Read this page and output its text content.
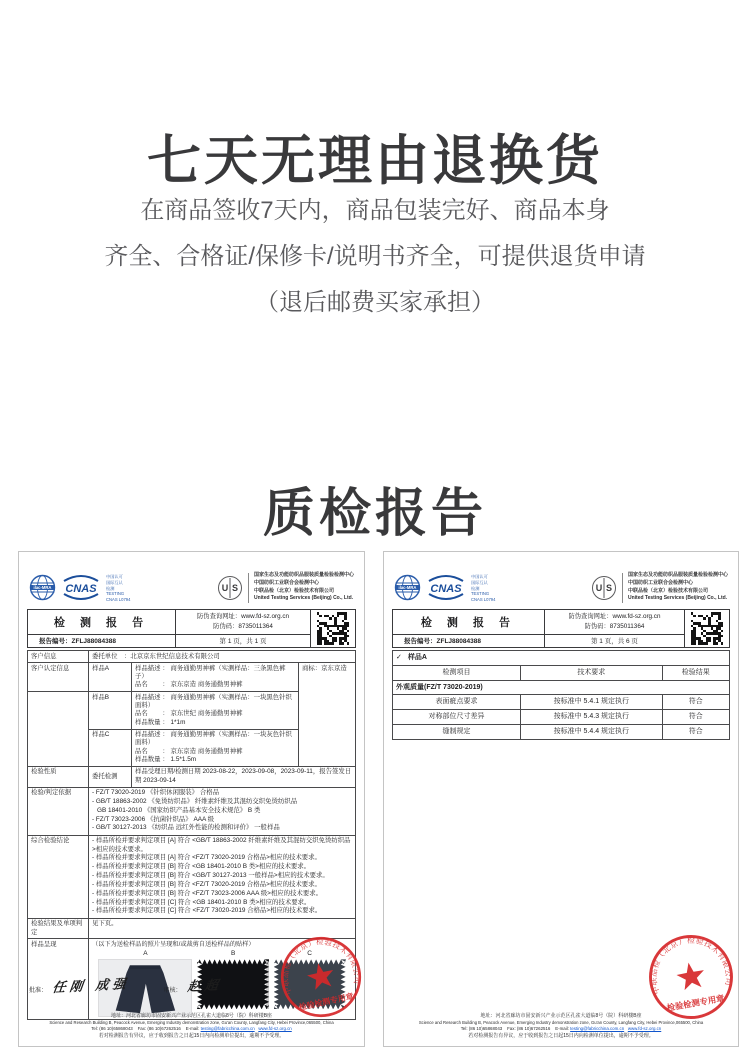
七天无理由退换货
在商品签收7天内，商品包装完好、商品本身
齐全、合格证/保修卡/说明书齐全，可提供退货申请
（退后邮费买家承担）
质检报告
ilac-MRA CNAS
中国认可
国际互认
检测
TESTING
CNAS L0794
U S
国家生态及功能纺织品服装质量检验检测中心
中国纺织工业联合会检测中心
中联品检（北京）检验技术有限公司
United Testing Services (Beijing) Co., Ltd.
检 测 报 告	防伪查询网址：www.fd-sz.org.cn
防伪码：8735011364	

报告编号：ZFLJ88084388	第 1 页，共 1 页	
客户信息	委托单位　：北京京东世纪信息技术有限公司		
客户认定信息	样品A	样品描述 ： 商务通勤男神裤（实测样品：三条黑色裤子）
品名　　 ： 京东京造 商务通勤男神裤	商标：京东京造
	样品B	样品描述 ： 商务通勤男神裤（实测样品：一块黑色针织面料）
品名　　 ： 京东世纪 商务通勤男神裤
样品数量 ： 1*1m	

	样品C	样品描述 ： 商务通勤男神裤（实测样品：一块灰色针织面料）
品名　　 ： 京东京造 商务通勤男神裤
样品数量 ： 1.5*1.5m	

检验性质	委托检测	样品受理日期/检测日期 2023-08-22，2023-09-08，2023-09-11，报告签发日期 2023-09-14	
检验/判定依据	- FZ/T 73020-2019 《针织休闲服装》 合格品
- GB/T 18863-2002 《免烫纺织品》 纤维素纤维及其混纺交织免烫纺织品
GB 18401-2010 《国家纺织产品基本安全技术规范》 B 类
- FZ/T 73023-2006 《抗菌针织品》 AAA 级
- GB/T 30127-2013 《纺织品 远红外性能的检测和评价》 一般样品		

综合检验结论	- 样品所检并要求判定项目 [A] 符合 <GB/T 18863-2002 纤维素纤维及其混纺交织免烫纺织品>相应的技术要求。
- 样品所检并要求判定项目 [A] 符合 <FZ/T 73020-2019 合格品>相应的技术要求。
- 样品所检并要求判定项目 [B] 符合 <GB 18401-2010 B 类>相应的技术要求。
- 样品所检并要求判定项目 [B] 符合 <GB/T 30127-2013 一般样品>相应的技术要求。
- 样品所检并要求判定项目 [B] 符合 <FZ/T 73020-2019 合格品>相应的技术要求。
- 样品所检并要求判定项目 [B] 符合 <FZ/T 73023-2006 AAA 级>相应的技术要求。
- 样品所检并要求判定项目 [C] 符合 <GB 18401-2010 B 类>相应的技术要求。
- 样品所检并要求判定项目 [C] 符合 <FZ/T 73020-2019 合格品>相应的技术要求。

检验结果及单项判定	见下页。		
样品呈现	（以下为送检样品的照片呈现和/或裁剪自送检样品的贴样）
A B C		
批准： 任刚 成强	审核： 赵超
地址：河北省廊坊市固安新兴产业示范区孔雀大道临8号（院）科研楼B座
Science and Research Building B, Peacock Avenue, Emerging Industry demonstration zone, Gu'an County, Langfang City, Hebei Province,065500, China
Tel: (86 10)65868043 Fax: (86 10)67262516 E-mail: testing@fabricchina.com.cn www.fd-sz.org.cn
若对检测报告有异议，应于收到报告之日起15日内向检测单位提出，逾期不予受理。
中联品检（北京）检验技术有限公司
检验检测专用章
ilac-MRA CNAS
中国认可
国际互认
检测
TESTING
CNAS L0794
U S
国家生态及功能纺织品服装质量检验检测中心
中国纺织工业联合会检测中心
中联品检（北京）检验技术有限公司
United Testing Services (Beijing) Co., Ltd.
检 测 报 告	防伪查询网址：www.fd-sz.org.cn
防伪码：8735011364	

报告编号：ZFLJ88084388	第 1 页，共 6 页	
✓ 样品A		
检测项目	技术要求	检验结果
外观质量(FZ/T 73020-2019)		
表面疵点要求	按标准中 5.4.1 规定执行	符合
对称部位尺寸差异	按标准中 5.4.3 规定执行	符合
缝制规定	按标准中 5.4.4 规定执行	符合
地址：河北省廊坊市固安新兴产业示范区孔雀大道临8号（院）科研楼B座
Science and Research Building B, Peacock Avenue, Emerging Industry demonstration zone, Gu'an County, Langfang City, Hebei Province,065500, China
Tel: (86 10)65868043 Fax: (86 10)67262516 E-mail: testing@fabricchina.com.cn www.fd-sz.org.cn
若对检测报告有异议，应于收到报告之日起15日内向检测单位提出，逾期不予受理。
中联品检（北京）检验技术有限公司
检验检测专用章
